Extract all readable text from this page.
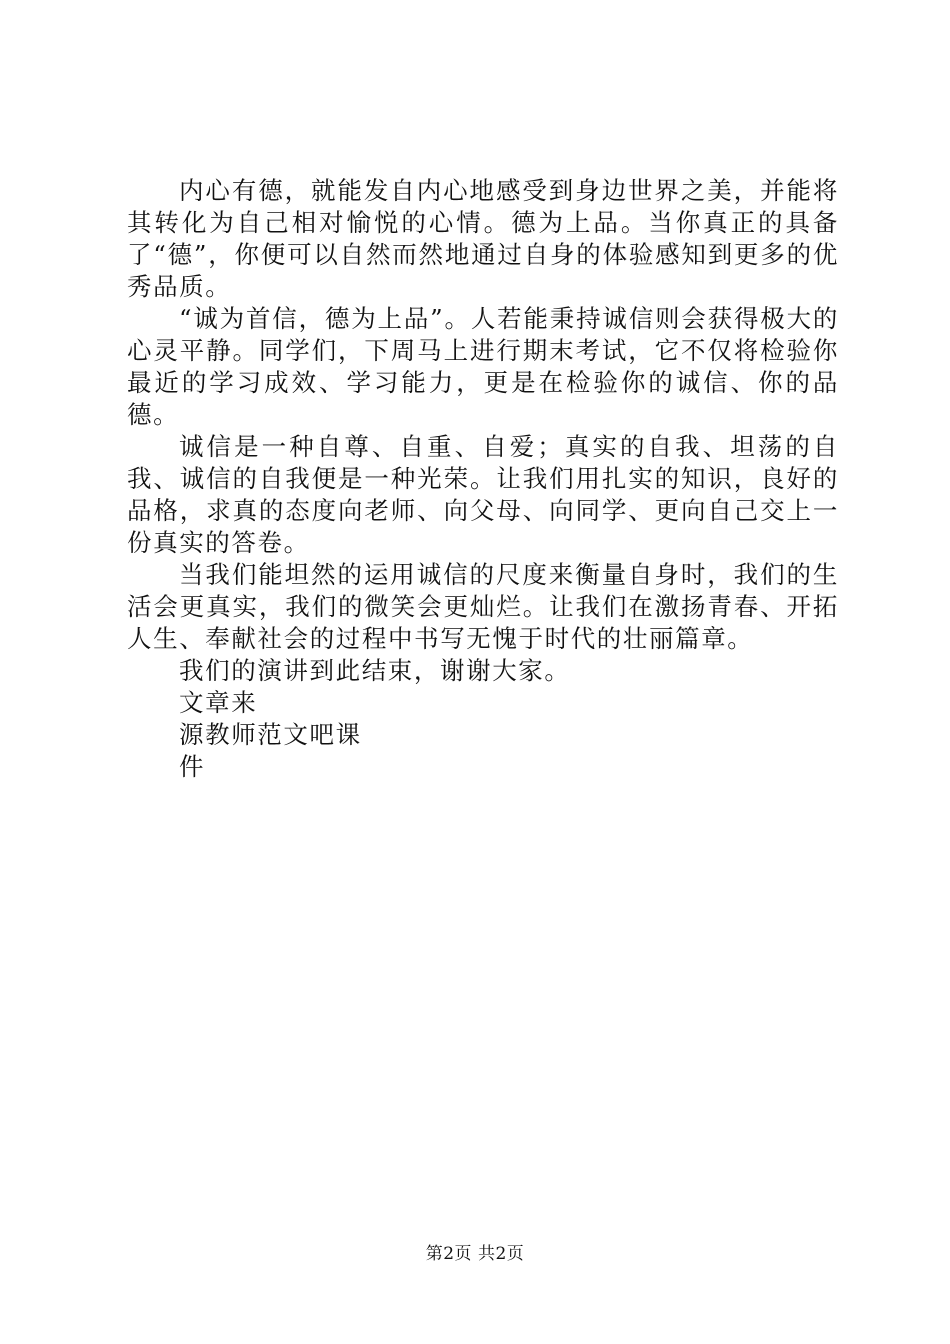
内心有德，就能发自内心地感受到身边世界之美，并能将其转化为自己相对愉悦的心情。德为上品。当你真正的具备了“德”，你便可以自然而然地通过自身的体验感知到更多的优秀品质。

“诚为首信，德为上品”。人若能秉持诚信则会获得极大的心灵平静。同学们，下周马上进行期末考试，它不仅将检验你最近的学习成效、学习能力，更是在检验你的诚信、你的品德。

诚信是一种自尊、自重、自爱；真实的自我、坦荡的自我、诚信的自我便是一种光荣。让我们用扎实的知识，良好的品格，求真的态度向老师、向父母、向同学、更向自己交上一份真实的答卷。

当我们能坦然的运用诚信的尺度来衡量自身时，我们的生活会更真实，我们的微笑会更灿烂。让我们在激扬青春、开拓人生、奉献社会的过程中书写无愧于时代的壮丽篇章。

我们的演讲到此结束，谢谢大家。

文章来

源教师范文吧课

件

第2页 共2页
